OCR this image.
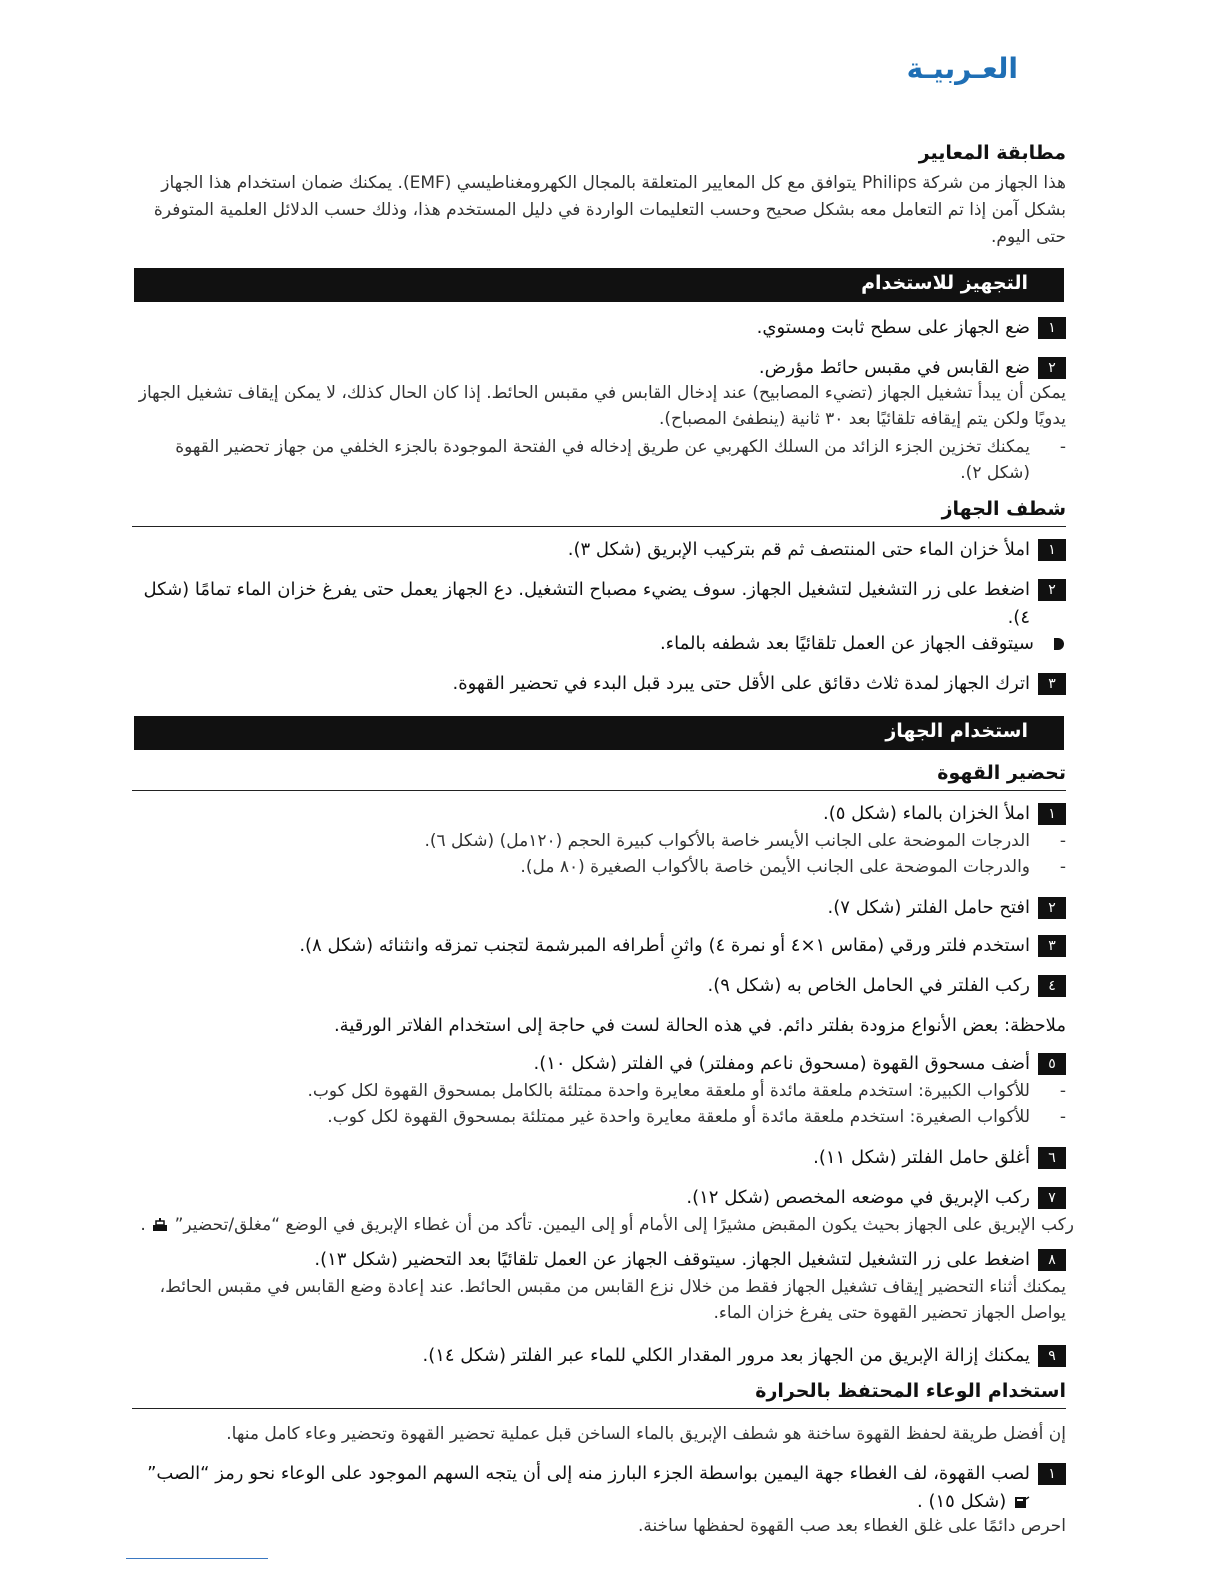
العـربيـة
مطابقة المعايير
هذا الجهاز من شركة Philips يتوافق مع كل المعايير المتعلقة بالمجال الكهرومغناطيسي (EMF). يمكنك ضمان استخدام هذا الجهاز بشكل آمن إذا تم التعامل معه بشكل صحيح وحسب التعليمات الواردة في دليل المستخدم هذا، وذلك حسب الدلائل العلمية المتوفرة حتى اليوم.
التجهيز للاستخدام
١
ضع الجهاز على سطح ثابت ومستوي.
٢
ضع القابس في مقبس حائط مؤرض.
يمكن أن يبدأ تشغيل الجهاز (تضيء المصابيح) عند إدخال القابس في مقبس الحائط. إذا كان الحال كذلك، لا يمكن إيقاف تشغيل الجهاز يدويًا ولكن يتم إيقافه تلقائيًا بعد ٣٠ ثانية (ينطفئ المصباح).
-
يمكنك تخزين الجزء الزائد من السلك الكهربي عن طريق إدخاله في الفتحة الموجودة بالجزء الخلفي من جهاز تحضير القهوة (شكل ٢).
شطف الجهاز
١
املأ خزان الماء حتى المنتصف ثم قم بتركيب الإبريق (شكل ٣).
٢
اضغط على زر التشغيل لتشغيل الجهاز. سوف يضيء مصباح التشغيل. دع الجهاز يعمل حتى يفرغ خزان الماء تمامًا (شكل ٤).
سيتوقف الجهاز عن العمل تلقائيًا بعد شطفه بالماء.
٣
اترك الجهاز لمدة ثلاث دقائق على الأقل حتى يبرد قبل البدء في تحضير القهوة.
استخدام الجهاز
تحضير القهوة
١
املأ الخزان بالماء (شكل ٥).
-
الدرجات الموضحة على الجانب الأيسر خاصة بالأكواب كبيرة الحجم (١٢٠مل) (شكل ٦).
-
والدرجات الموضحة على الجانب الأيمن خاصة بالأكواب الصغيرة (٨٠ مل).
٢
افتح حامل الفلتر (شكل ٧).
٣
استخدم فلتر ورقي (مقاس ١×٤ أو نمرة ٤) واثنِ أطرافه المبرشمة لتجنب تمزقه وانثنائه (شكل ٨).
٤
ركب الفلتر في الحامل الخاص به (شكل ٩).
ملاحظة: بعض الأنواع مزودة بفلتر دائم. في هذه الحالة لست في حاجة إلى استخدام الفلاتر الورقية.
٥
أضف مسحوق القهوة (مسحوق ناعم ومفلتر) في الفلتر (شكل ١٠).
-
للأكواب الكبيرة: استخدم ملعقة مائدة أو ملعقة معايرة واحدة ممتلئة بالكامل بمسحوق القهوة لكل كوب.
-
للأكواب الصغيرة: استخدم ملعقة مائدة أو ملعقة معايرة واحدة غير ممتلئة بمسحوق القهوة لكل كوب.
٦
أغلق حامل الفلتر (شكل ١١).
٧
ركب الإبريق في موضعه المخصص (شكل ١٢).
ركب الإبريق على الجهاز بحيث يكون المقبض مشيرًا إلى الأمام أو إلى اليمين. تأكد من أن غطاء الإبريق في الوضع “مغلق/تحضير”  .
٨
اضغط على زر التشغيل لتشغيل الجهاز. سيتوقف الجهاز عن العمل تلقائيًا بعد التحضير (شكل ١٣).
يمكنك أثناء التحضير إيقاف تشغيل الجهاز فقط من خلال نزع القابس من مقبس الحائط. عند إعادة وضع القابس في مقبس الحائط، يواصل الجهاز تحضير القهوة حتى يفرغ خزان الماء.
٩
يمكنك إزالة الإبريق من الجهاز بعد مرور المقدار الكلي للماء عبر الفلتر (شكل ١٤).
استخدام الوعاء المحتفظ بالحرارة
إن أفضل طريقة لحفظ القهوة ساخنة هو شطف الإبريق بالماء الساخن قبل عملية تحضير القهوة وتحضير وعاء كامل منها.
١
لصب القهوة، لف الغطاء جهة اليمين بواسطة الجزء البارز منه إلى أن يتجه السهم الموجود على الوعاء نحو رمز “الصب”
(شكل ١٥) .
احرص دائمًا على غلق الغطاء بعد صب القهوة لحفظها ساخنة.
